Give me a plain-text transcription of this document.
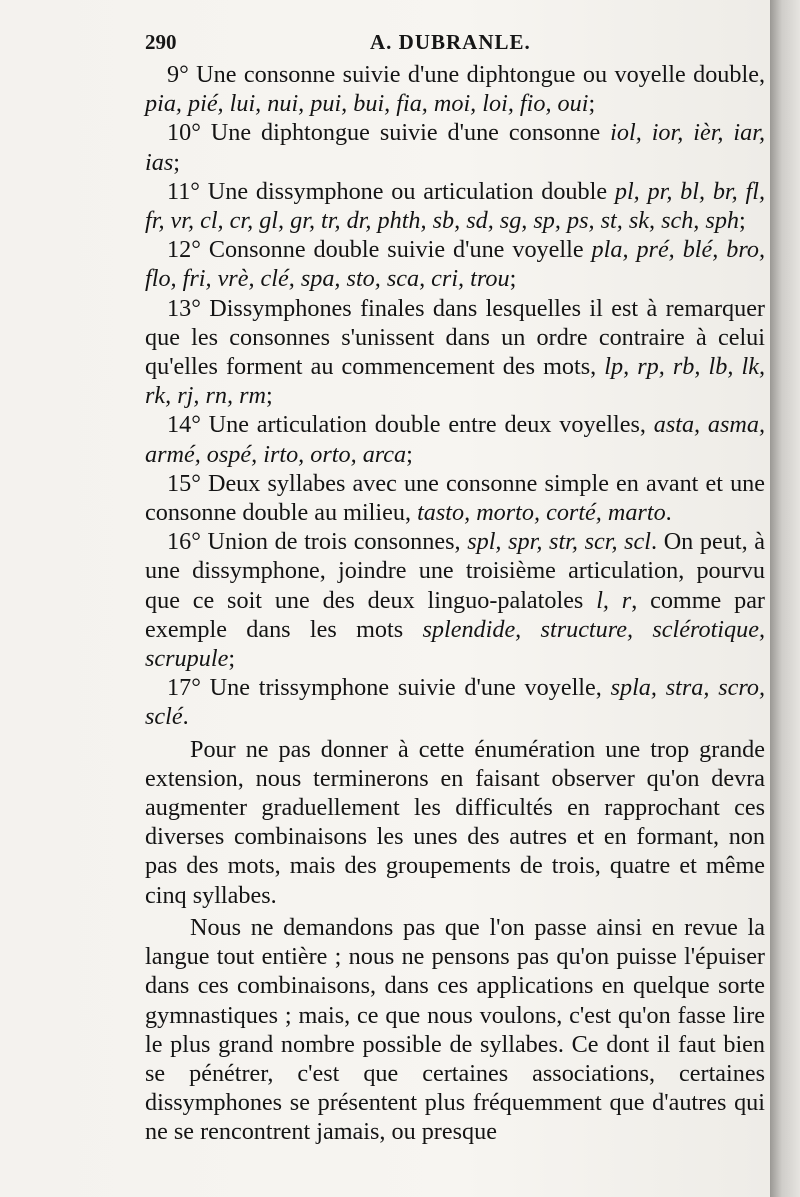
290	A. DUBRANLE.

9° Une consonne suivie d'une diphtongue ou voyelle double, pia, pié, lui, nui, pui, bui, fia, moi, loi, fio, oui;

10° Une diphtongue suivie d'une consonne iol, ior, ièr, iar, ias;

11° Une dissymphone ou articulation double pl, pr, bl, br, fl, fr, vr, cl, cr, gl, gr, tr, dr, phth, sb, sd, sg, sp, ps, st, sk, sch, sph;

12° Consonne double suivie d'une voyelle pla, pré, blé, bro, flo, fri, vrè, clé, spa, sto, sca, cri, trou;

13° Dissymphones finales dans lesquelles il est à remarquer que les consonnes s'unissent dans un ordre contraire à celui qu'elles forment au commencement des mots, lp, rp, rb, lb, lk, rk, rj, rn, rm;

14° Une articulation double entre deux voyelles, asta, asma, armé, ospé, irto, orto, arca;

15° Deux syllabes avec une consonne simple en avant et une consonne double au milieu, tasto, morto, corté, marto.

16° Union de trois consonnes, spl, spr, str, scr, scl. On peut, à une dissymphone, joindre une troisième articulation, pourvu que ce soit une des deux linguo-palatoles l, r, comme par exemple dans les mots splendide, structure, sclérotique, scrupule;

17° Une trissymphone suivie d'une voyelle, spla, stra, scro, sclé.

Pour ne pas donner à cette énumération une trop grande extension, nous terminerons en faisant observer qu'on devra augmenter graduellement les difficultés en rapprochant ces diverses combinaisons les unes des autres et en formant, non pas des mots, mais des groupements de trois, quatre et même cinq syllabes.

Nous ne demandons pas que l'on passe ainsi en revue la langue tout entière ; nous ne pensons pas qu'on puisse l'épuiser dans ces combinaisons, dans ces applications en quelque sorte gymnastiques ; mais, ce que nous voulons, c'est qu'on fasse lire le plus grand nombre possible de syllabes. Ce dont il faut bien se pénétrer, c'est que certaines associations, certaines dissymphones se présentent plus fréquemment que d'autres qui ne se rencontrent jamais, ou presque
